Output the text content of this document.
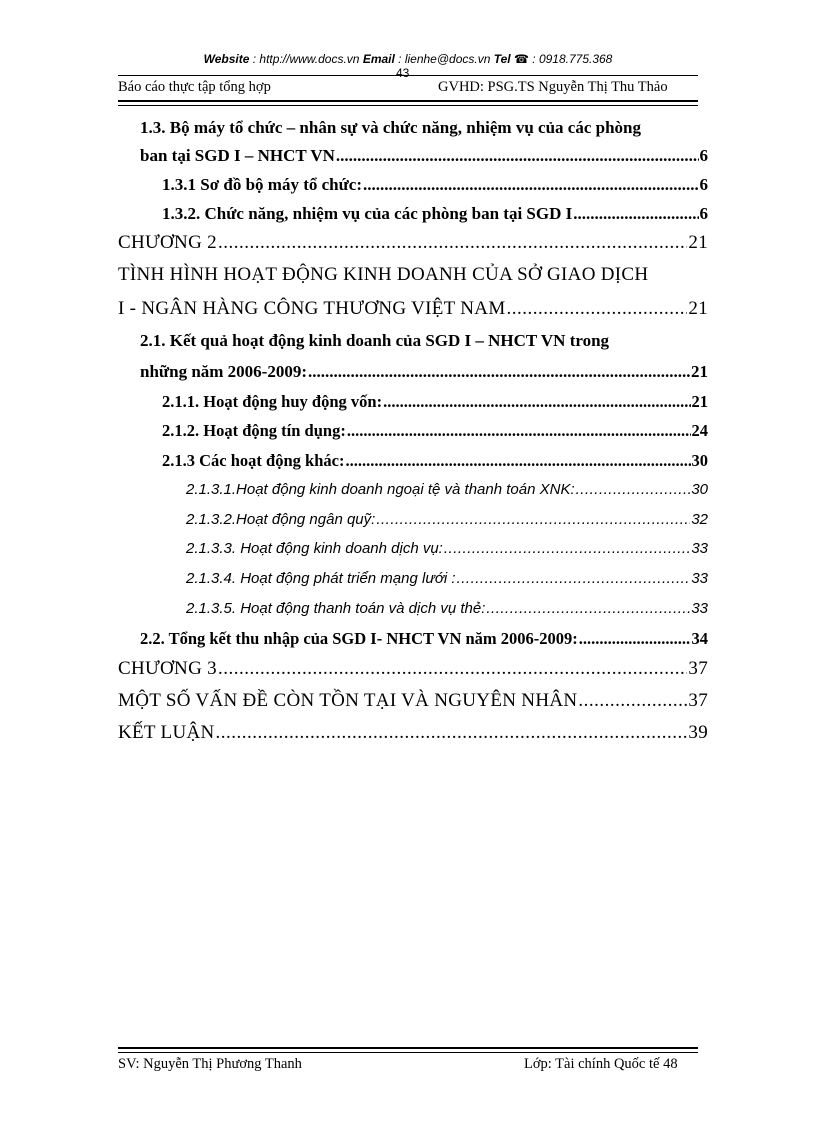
Website : http://www.docs.vn Email : lienhe@docs.vn Tel ☎ : 0918.775.368
43
Báo cáo thực tập tổng hợp	GVHD: PSG.TS Nguyễn Thị Thu Thảo
1.3. Bộ máy tổ chức – nhân sự và chức năng, nhiệm vụ của các phòng
ban tại SGD I – NHCT VN .....	6
1.3.1 Sơ đồ bộ máy tổ chức: .....	6
1.3.2. Chức năng, nhiệm vụ của các phòng ban tại SGD I .....	6
CHƯƠNG 2 .....	21
TÌNH HÌNH HOẠT ĐỘNG KINH DOANH CỦA SỞ GIAO DỊCH
I - NGÂN HÀNG CÔNG THƯƠNG VIỆT NAM .....	21
2.1. Kết quả hoạt động kinh doanh của SGD I – NHCT VN trong
những năm 2006-2009: .....	21
2.1.1. Hoạt động huy động vốn: .....	21
2.1.2. Hoạt động tín dụng: .....	24
2.1.3 Các hoạt động khác: .....	30
2.1.3.1.Hoạt động kinh doanh ngoại tệ và thanh toán XNK: .....	30
2.1.3.2.Hoạt động ngân quỹ: .....	32
2.1.3.3. Hoạt động kinh doanh dịch vụ: .....	33
2.1.3.4. Hoạt động phát triển mạng lưới : .....	33
2.1.3.5. Hoạt động thanh toán và dịch vụ thẻ: .....	33
2.2. Tổng kết thu nhập của SGD I- NHCT VN năm 2006-2009: .....	34
CHƯƠNG 3 .....	37
MỘT SỐ VẤN ĐỀ CÒN TỒN TẠI VÀ NGUYÊN NHÂN .....	37
KẾT LUẬN .....	39
SV: Nguyễn Thị Phương Thanh	Lớp: Tài chính Quốc tế 48
